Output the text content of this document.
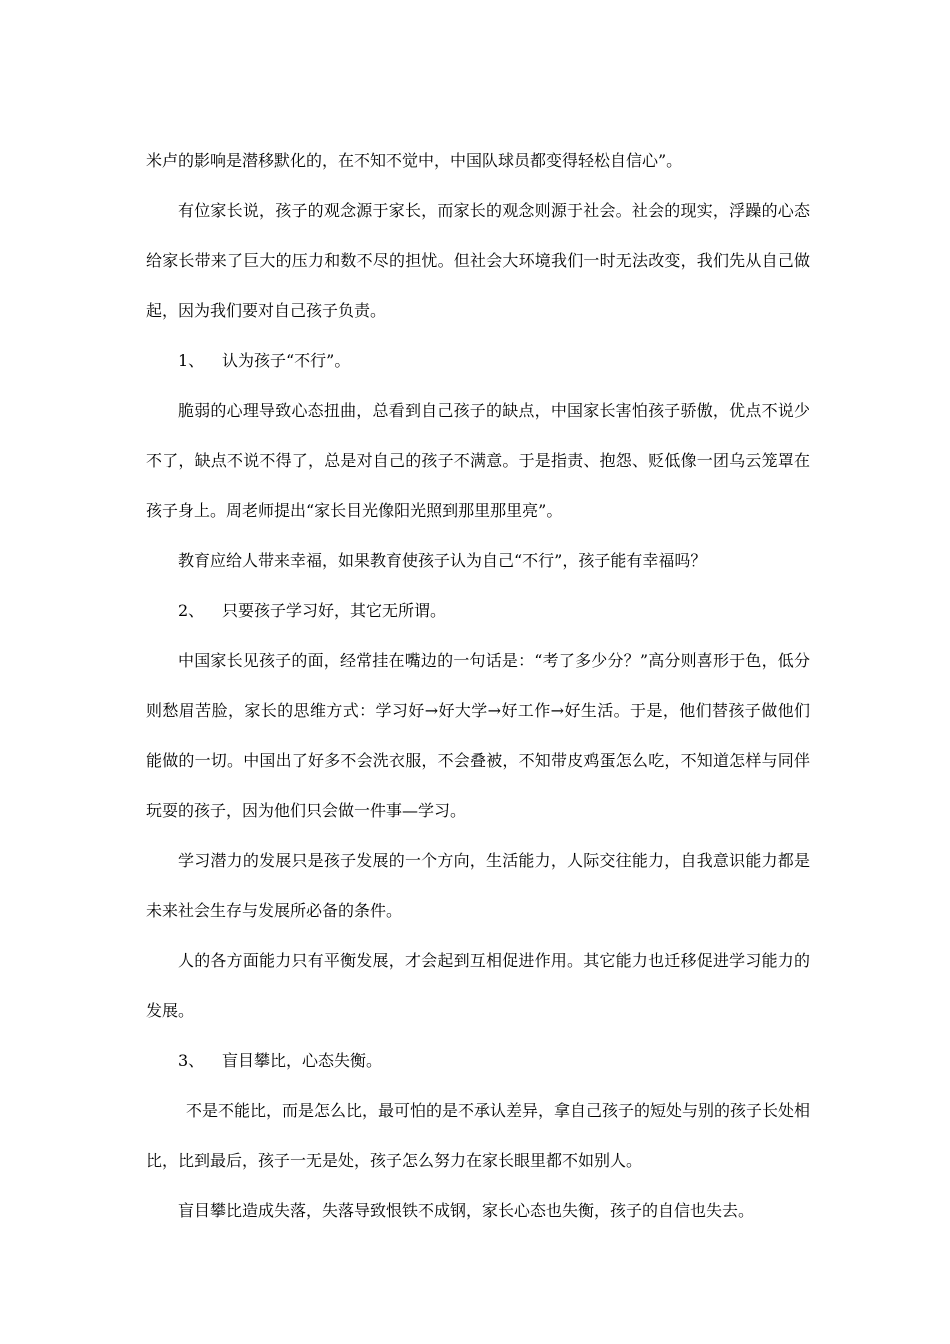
米卢的影响是潜移默化的，在不知不觉中，中国队球员都变得轻松自信心”。

有位家长说，孩子的观念源于家长，而家长的观念则源于社会。社会的现实，浮躁的心态给家长带来了巨大的压力和数不尽的担忧。但社会大环境我们一时无法改变，我们先从自己做起，因为我们要对自己孩子负责。

1、 认为孩子“不行”。

脆弱的心理导致心态扭曲，总看到自己孩子的缺点，中国家长害怕孩子骄傲，优点不说少不了，缺点不说不得了，总是对自己的孩子不满意。于是指责、抱怨、贬低像一团乌云笼罩在孩子身上。周老师提出“家长目光像阳光照到那里那里亮”。

教育应给人带来幸福，如果教育使孩子认为自己“不行”，孩子能有幸福吗？

2、 只要孩子学习好，其它无所谓。

中国家长见孩子的面，经常挂在嘴边的一句话是：“考了多少分？”高分则喜形于色，低分则愁眉苦脸，家长的思维方式：学习好→好大学→好工作→好生活。于是，他们替孩子做他们能做的一切。中国出了好多不会洗衣服，不会叠被，不知带皮鸡蛋怎么吃，不知道怎样与同伴玩耍的孩子，因为他们只会做一件事—学习。

学习潜力的发展只是孩子发展的一个方向，生活能力，人际交往能力，自我意识能力都是未来社会生存与发展所必备的条件。

人的各方面能力只有平衡发展，才会起到互相促进作用。其它能力也迁移促进学习能力的发展。

3、 盲目攀比，心态失衡。

不是不能比，而是怎么比，最可怕的是不承认差异，拿自己孩子的短处与别的孩子长处相比，比到最后，孩子一无是处，孩子怎么努力在家长眼里都不如别人。

盲目攀比造成失落，失落导致恨铁不成钢，家长心态也失衡，孩子的自信也失去。
